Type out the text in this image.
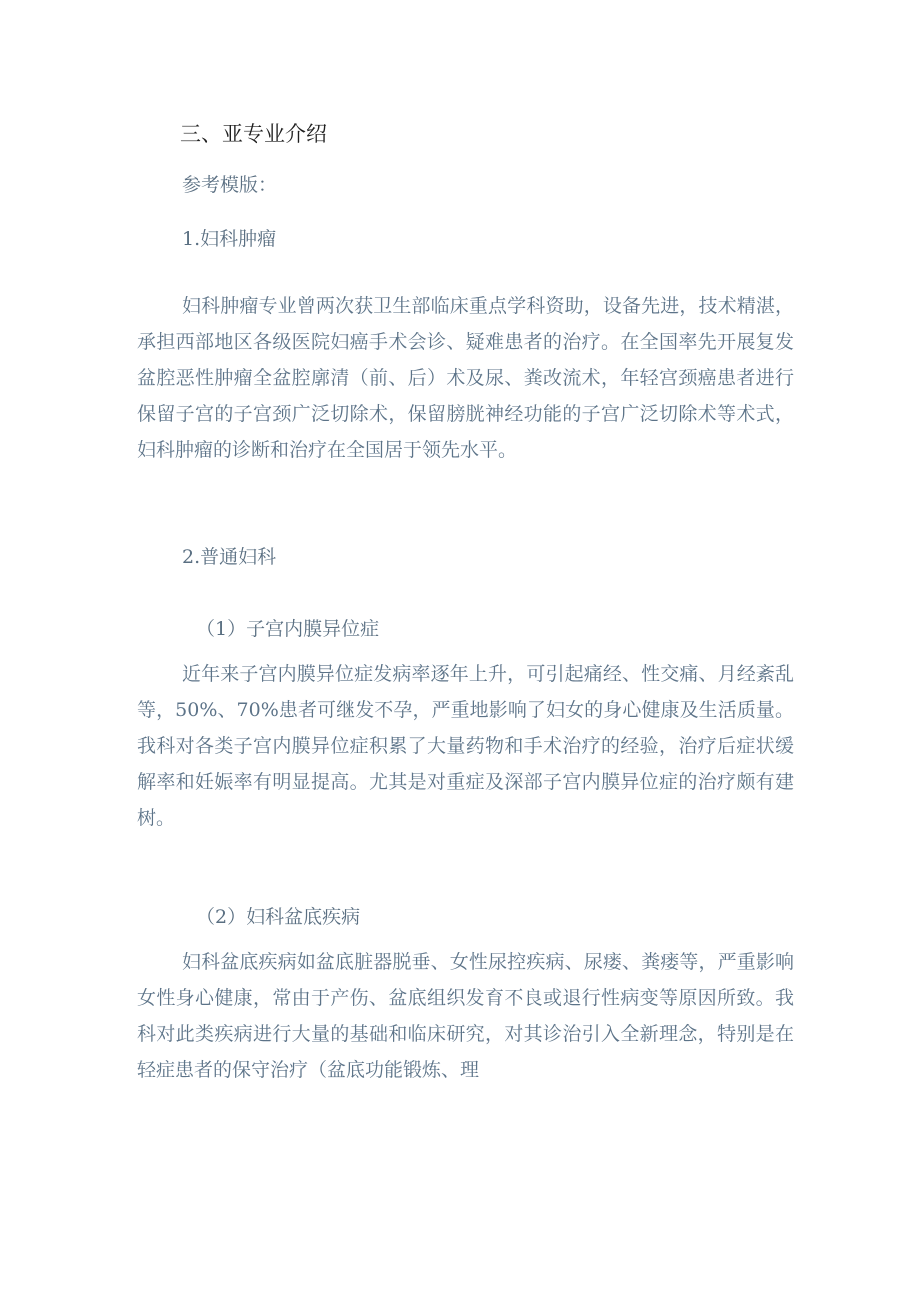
三、亚专业介绍
参考模版：
1.妇科肿瘤

妇科肿瘤专业曾两次获卫生部临床重点学科资助，设备先进，技术精湛，承担西部地区各级医院妇癌手术会诊、疑难患者的治疗。在全国率先开展复发盆腔恶性肿瘤全盆腔廓清（前、后）术及尿、粪改流术，年轻宫颈癌患者进行保留子宫的子宫颈广泛切除术，保留膀胱神经功能的子宫广泛切除术等术式，妇科肿瘤的诊断和治疗在全国居于领先水平。

2.普通妇科
（1）子宫内膜异位症

近年来子宫内膜异位症发病率逐年上升，可引起痛经、性交痛、月经紊乱等，50%、70%患者可继发不孕，严重地影响了妇女的身心健康及生活质量。我科对各类子宫内膜异位症积累了大量药物和手术治疗的经验，治疗后症状缓解率和妊娠率有明显提高。尤其是对重症及深部子宫内膜异位症的治疗颇有建树。

（2）妇科盆底疾病

妇科盆底疾病如盆底脏器脱垂、女性尿控疾病、尿瘘、粪瘘等，严重影响女性身心健康，常由于产伤、盆底组织发育不良或退行性病变等原因所致。我科对此类疾病进行大量的基础和临床研究，对其诊治引入全新理念，特别是在轻症患者的保守治疗（盆底功能锻炼、理
